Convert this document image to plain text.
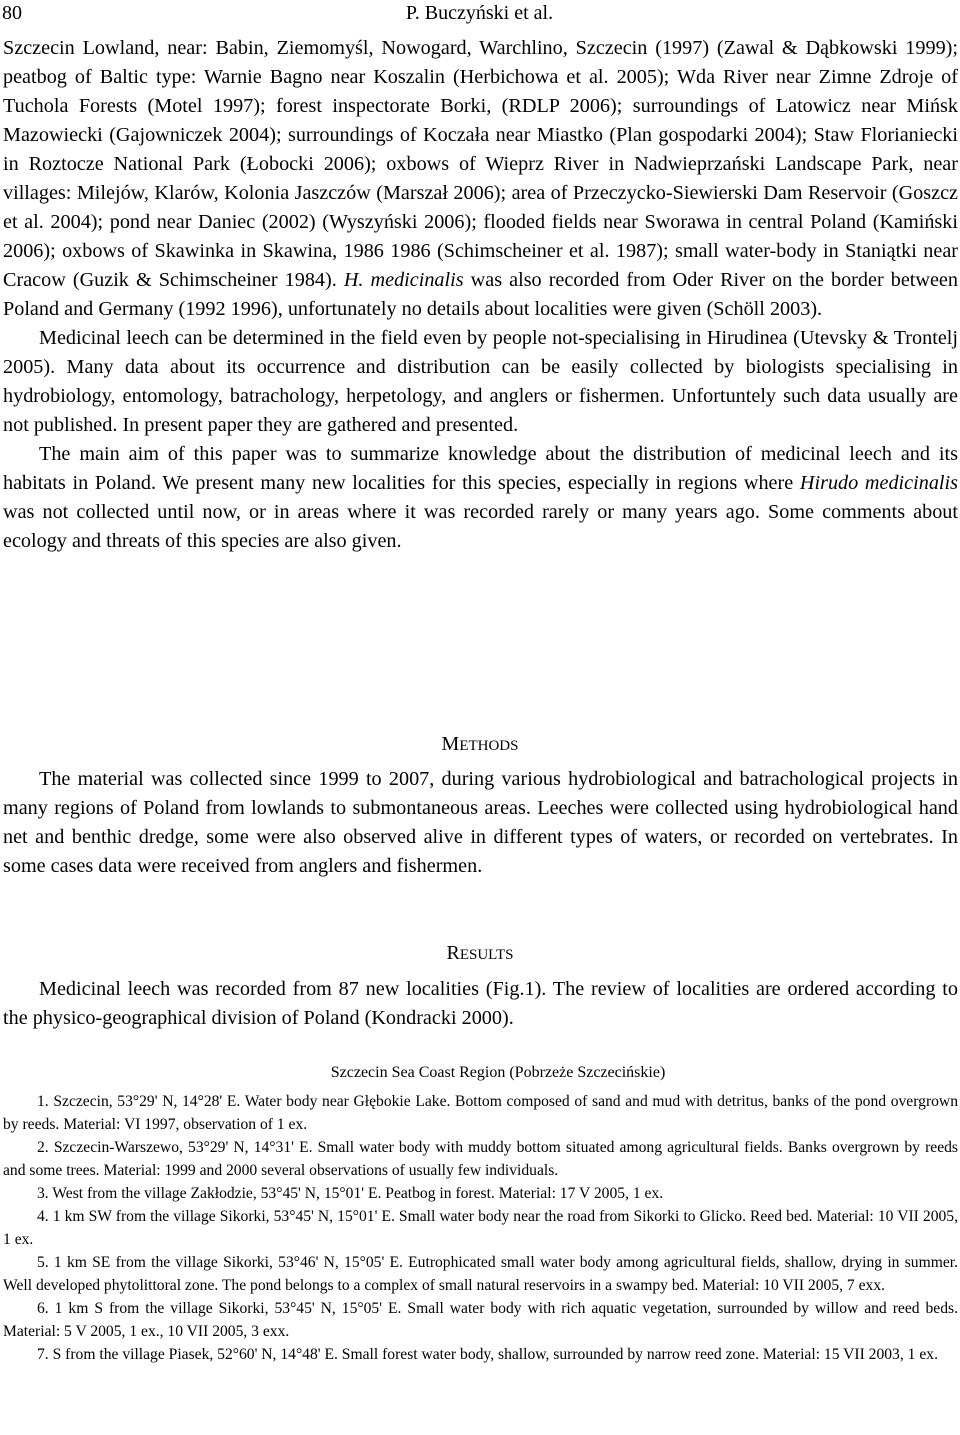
80	P. Buczyński et al.

Szczecin Lowland, near: Babin, Ziemomyśl, Nowogard, Warchlino, Szczecin (1997) (Zawal & Dąbkowski 1999); peatbog of Baltic type: Warnie Bagno near Koszalin (Herbichowa et al. 2005); Wda River near Zimne Zdroje of Tuchola Forests (Motel 1997); forest inspectorate Borki, (RDLP 2006); surroundings of Latowicz near Mińsk Mazowiecki (Gajowniczek 2004); surroundings of Koczała near Miastko (Plan gospodarki 2004); Staw Florianiecki in Roztocze National Park (Łobocki 2006); oxbows of Wieprz River in Nadwieprzański Landscape Park, near villages: Milejów, Klarów, Kolonia Jaszczów (Marszał 2006); area of Przeczycko-Siewierski Dam Reservoir (Goszcz et al. 2004); pond near Daniec (2002) (Wyszyński 2006); flooded fields near Sworawa in central Poland (Kamiński 2006); oxbows of Skawinka in Skawina, 1986 1986 (Schimscheiner et al. 1987); small water-body in Staniątki near Cracow (Guzik & Schimscheiner 1984). H. medicinalis was also recorded from Oder River on the border between Poland and Germany (1992 1996), unfortunately no details about localities were given (Schöll 2003).

Medicinal leech can be determined in the field even by people not-specialising in Hirudinea (Utevsky & Trontelj 2005). Many data about its occurrence and distribution can be easily collected by biologists specialising in hydrobiology, entomology, batrachology, herpetology, and anglers or fishermen. Unfortuntely such data usually are not published. In present paper they are gathered and presented.

The main aim of this paper was to summarize knowledge about the distribution of medicinal leech and its habitats in Poland. We present many new localities for this species, especially in regions where Hirudo medicinalis was not collected until now, or in areas where it was recorded rarely or many years ago. Some comments about ecology and threats of this species are also given.

METHODS

The material was collected since 1999 to 2007, during various hydrobiological and batrachological projects in many regions of Poland from lowlands to submontaneous areas. Leeches were collected using hydrobiological hand net and benthic dredge, some were also observed alive in different types of waters, or recorded on vertebrates. In some cases data were received from anglers and fishermen.

RESULTS

Medicinal leech was recorded from 87 new localities (Fig.1). The review of localities are ordered according to the physico-geographical division of Poland (Kondracki 2000).

Szczecin Sea Coast Region (Pobrzeże Szczecińskie)

1. Szczecin, 53°29' N, 14°28' E. Water body near Głębokie Lake. Bottom composed of sand and mud with detritus, banks of the pond overgrown by reeds. Material: VI 1997, observation of 1 ex.

2. Szczecin-Warszewo, 53°29' N, 14°31' E. Small water body with muddy bottom situated among agricultural fields. Banks overgrown by reeds and some trees. Material: 1999 and 2000 several observations of usually few individuals.

3. West from the village Zakłodzie, 53°45' N, 15°01' E. Peatbog in forest. Material: 17 V 2005, 1 ex.

4. 1 km SW from the village Sikorki, 53°45' N, 15°01' E. Small water body near the road from Sikorki to Glicko. Reed bed. Material: 10 VII 2005, 1 ex.

5. 1 km SE from the village Sikorki, 53°46' N, 15°05' E. Eutrophicated small water body among agricultural fields, shallow, drying in summer. Well developed phytolittoral zone. The pond belongs to a complex of small natural reservoirs in a swampy bed. Material: 10 VII 2005, 7 exx.

6. 1 km S from the village Sikorki, 53°45' N, 15°05' E. Small water body with rich aquatic vegetation, surrounded by willow and reed beds. Material: 5 V 2005, 1 ex., 10 VII 2005, 3 exx.

7. S from the village Piasek, 52°60' N, 14°48' E. Small forest water body, shallow, surrounded by narrow reed zone. Material: 15 VII 2003, 1 ex.
